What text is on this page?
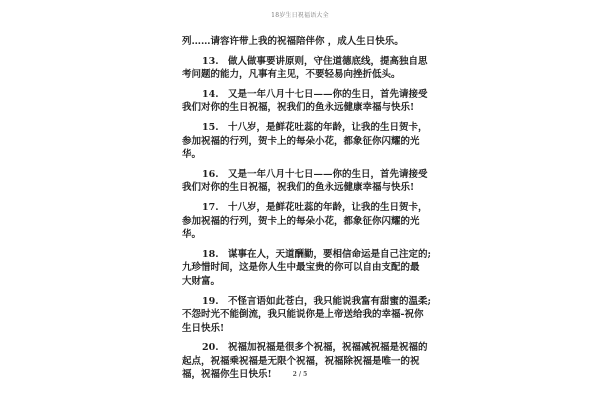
18岁生日祝福语大全
列……请容许带上我的祝福陪伴你 ，成人生日快乐。
13.　做人做事要讲原则，守住道德底线，提高独自思
考问题的能力，凡事有主见，不要轻易向挫折低头。
14.　又是一年八月十七日——你的生日，首先请接受
我们对你的生日祝福，祝我们的鱼永远健康幸福与快乐!
15.　十八岁，是鲜花吐蕊的年龄，让我的生日贺卡，
参加祝福的行列，贺卡上的每朵小花，都象征你闪耀的光
华。
16.　又是一年八月十七日——你的生日，首先请接受
我们对你的生日祝福，祝我们的鱼永远健康幸福与快乐!
17.　十八岁，是鲜花吐蕊的年龄，让我的生日贺卡，
参加祝福的行列，贺卡上的每朵小花，都象征你闪耀的光
华。
18.　谋事在人，天道酬勤，要相信命运是自己注定的;
九珍惜时间，这是你人生中最宝贵的你可以自由支配的最
大财富。
19.　不怪言语如此苍白，我只能说我富有甜蜜的温柔;
不怨时光不能倒流，我只能说你是上帝送给我的幸福-祝你
生日快乐!
20.　祝福加祝福是很多个祝福，祝福减祝福是祝福的
起点，祝福乘祝福是无限个祝福，祝福除祝福是唯一的祝
福，祝福你生日快乐!	2 / 5
